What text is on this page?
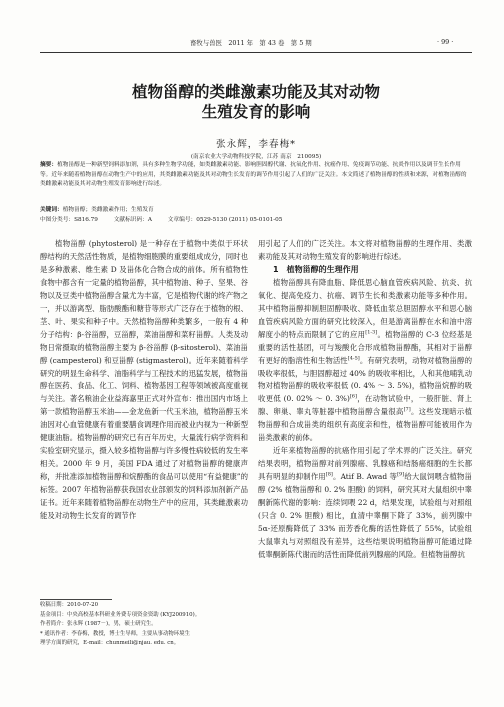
畜牧与兽医　2011 年　第 43 卷　第 5 期	· 99 ·
植物甾醇的类雌激素功能及其对动物
生殖发育的影响
张永辉，李春梅*
(南京农业大学动物科技学院，江苏 南京　210095)
摘要：植物甾醇是一种新型饲料添加剂，具有多种生物学功能，如类雌激素功能、影响胆固醇代谢、抗氧化作用、抗癌作用、免疫调节功能、抗炎作用以及调节生长作用等。近年来随着植物甾醇在动物生产中的应用，其类雌激素功能及其对动物生长发育的调节作用引起了人们的广泛关注。本文简述了植物甾醇的性质和来源，对植物甾醇的类雌激素功能及其对动物生殖发育影响进行综述。
关键词：植物甾醇；类雌激素作用；生殖发育
中图分类号：S816.79	文献标识码：A	文章编号：0529-5130 (2011) 05-0101-05

植物甾醇 (phytosterol) 是一种存在于植物中类似于环状醇结构的天然活性物质，是植物细胞膜的重要组成成分，同时也是多种激素、维生素 D 及甾体化合物合成的前体。所有植物性食物中都含有一定量的植物甾醇，其中植物油、种子、坚果、谷物以及豆类中植物甾醇含量尤为丰富，它是植物代谢的终产物之一，并以游离型、脂肪酸酯和糖苷等形式广泛存在于植物的根、茎、叶、果实和种子中。天然植物甾醇种类繁多，一般有 4 种分子结构：β-谷甾醇，豆甾醇，菜油甾醇和菜籽甾醇。人类及动物日常摄取的植物甾醇主要为 β-谷甾醇 (β-sitosterol)、菜油甾醇 (campesterol) 和豆甾醇 (stigmasterol)。近年来随着科学研究的明显生命科学、油脂科学与工程技术的迅猛发展，植物甾醇在医药、食品、化工、饲料、植物基因工程等领域被高度重视与关注。著名粮油企业益海嘉里正式对外宣布：推出国内市场上第一款植物甾醇玉米油——金龙鱼新一代玉米油，植物甾醇玉米油因对心血管健康有着重要膳食调理作用而被业内视为一种新型健康油脂。植物甾醇的研究已有百年历史，大量流行病学资料和实验室研究显示，摄入较多植物甾醇与许多慢性病较低的发生率相关。2000 年 9 月，美国 FDA 通过了对植物甾醇的健康声称，并批准添加植物甾醇和烷醇酯的食品可以使用“有益健康”的标签。2007 年植物甾醇获我国农业部颁发的饲料添加剂新产品证书。近年来随着植物甾醇在动物生产中的应用，其类雌激素功能及对动物生长发育的调节作

用引起了人们的广泛关注。本文将对植物甾醇的生理作用、类激素功能及其对动物生殖发育的影响进行综述。

1　植物甾醇的生理作用

植物甾醇具有降血脂、降低思心脑血管疾病风险、抗炎、抗氧化、提高免疫力、抗癌、调节生长和类激素功能等多种作用。其中植物甾醇抑制胆固醇吸收、降低血浆总胆固醇水平和思心脑血管疾病风险方面的研究比较深入，但是游离甾醇在水和油中溶解度小的特点而限制了它的应用[1-3]。植物甾醇的 C-3 位经基是重要的活性基团，可与羧酸化合形成植物甾醇酯，其相对于甾醇有更好的脂溶性和生物活性[4-5]。有研究表明，动物对植物甾醇的吸收率很低，与胆固醇超过 40% 的吸收率相比，人和其他哺乳动物对植物甾醇的吸收率很低 (0. 4% ～ 3. 5%)，植物甾烷醇的吸收更低 (0. 02% ～ 0. 3%)[6]，在动物试验中，一般肝脏、肾上腺、卵巢、睾丸等脏器中植物甾醇含量很高[7]。这些发现暗示植物甾醇和合成甾类的组织有高度亲和性，植物甾醇可能被用作为甾类激素的前体。

近年来植物甾醇的抗癌作用引起了学术界的广泛关注。研究结果表明，植物甾醇对前列腺癌、乳腺癌和结肠癌细胞的生长都具有明显的抑制作用[8]。Atif B. Awad 等[9]给大鼠饲喂含植物甾醇 (2% 植物甾醇和 0. 2% 胆酸) 的饲料，研究其对大鼠组织中睾酮新陈代谢的影响：连续饲喂 22 d，结果发现，试验组与对照组 (只含 0. 2% 胆酸) 相比，血清中睾酮下降了 33%，前列腺中 5α-还原酶降低了 33% 而芳香化酶的活性降低了 55%，试验组大鼠睾丸与对照组没有差异，这些结果说明植物甾醇可能通过降低睾酮新陈代谢而的活性而降低前列腺癌的风险。但植物甾醇抗

收稿日期：2010-07-20
基金项目：中央高校基本科研业务费专项资金资助 (KYJ200910)。
作者简介：张永辉 (1987－)，男，硕士研究生。
* 通讯作者：李春梅，教授，博士生导师，主要从事动物环境生
理学方面的研究，E-mail：chunmeili@njau. edu. cn。
